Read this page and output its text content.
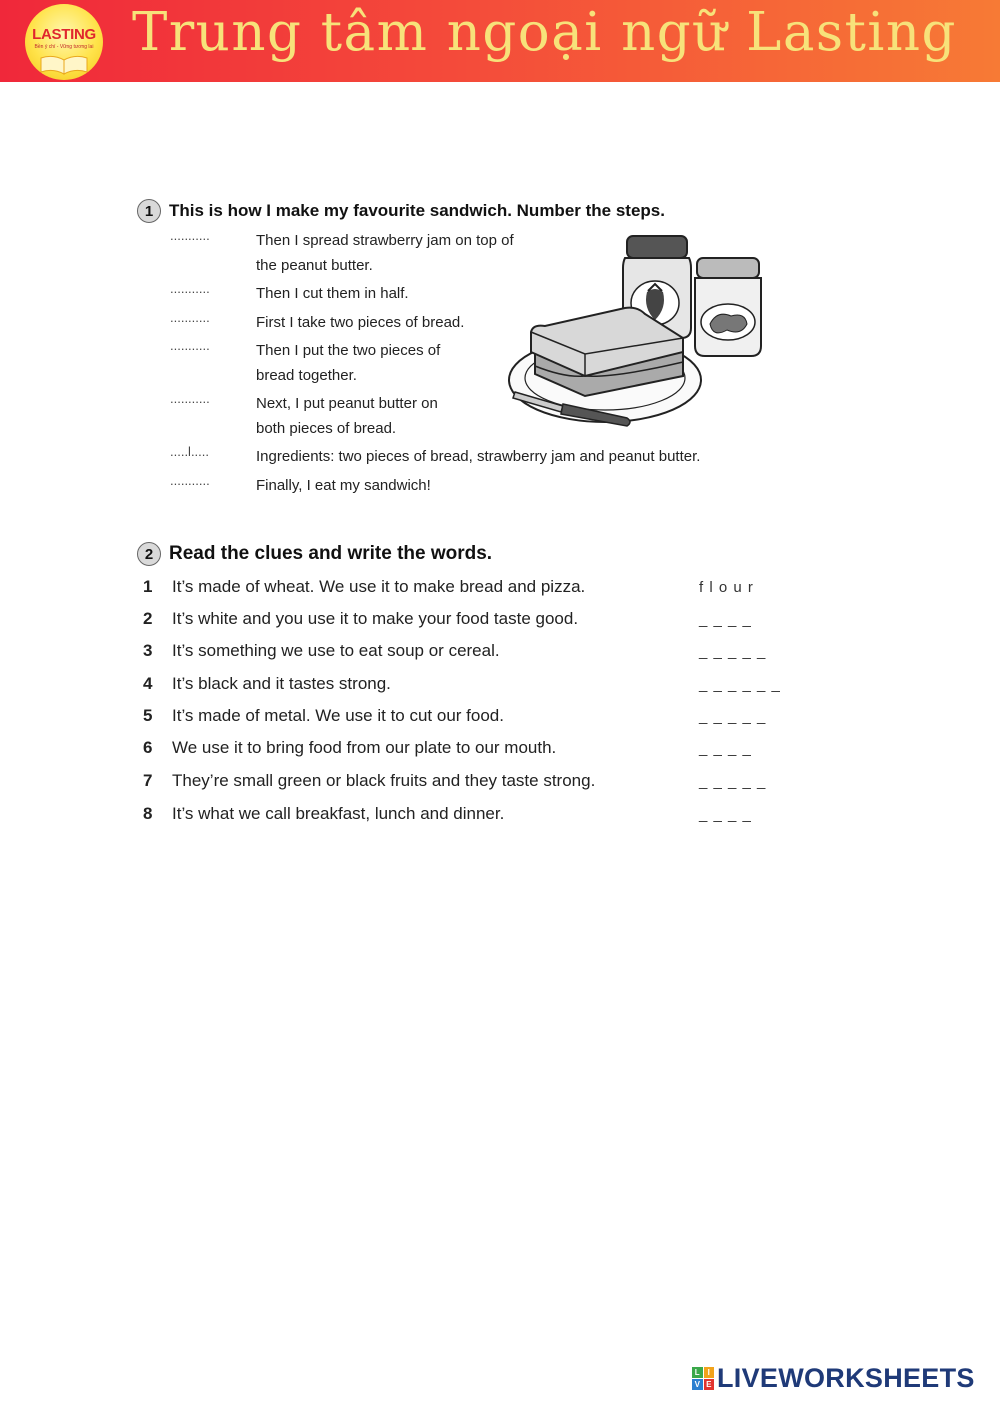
LASTING
Bền ý chí - Vững tương lai Trung tâm ngoại ngữ Lasting
1 This is how I make my favourite sandwich. Number the steps.
...........	Then I spread strawberry jam on top of
the peanut butter.
...........	Then I cut them in half.
...........	First I take two pieces of bread.
...........	Then I put the two pieces of
bread together.
...........	Next, I put peanut butter on
both pieces of bread.
.....l.....	Ingredients: two pieces of bread, strawberry jam and peanut butter.
...........	Finally, I eat my sandwich!
2 Read the clues and write the words.
1	It’s made of wheat. We use it to make bread and pizza.	f l o u r
2	It’s white and you use it to make your food taste good.	_ _ _ _
3	It’s something we use to eat soup or cereal.	_ _ _ _ _
4	It’s black and it tastes strong.	_ _ _ _ _ _
5	It’s made of metal. We use it to cut our food.	_ _ _ _ _
6	We use it to bring food from our plate to our mouth.	_ _ _ _
7	They’re small green or black fruits and they taste strong.	_ _ _ _ _
8	It’s what we call breakfast, lunch and dinner.	_ _ _ _
L I
V E LIVEWORKSHEETS
